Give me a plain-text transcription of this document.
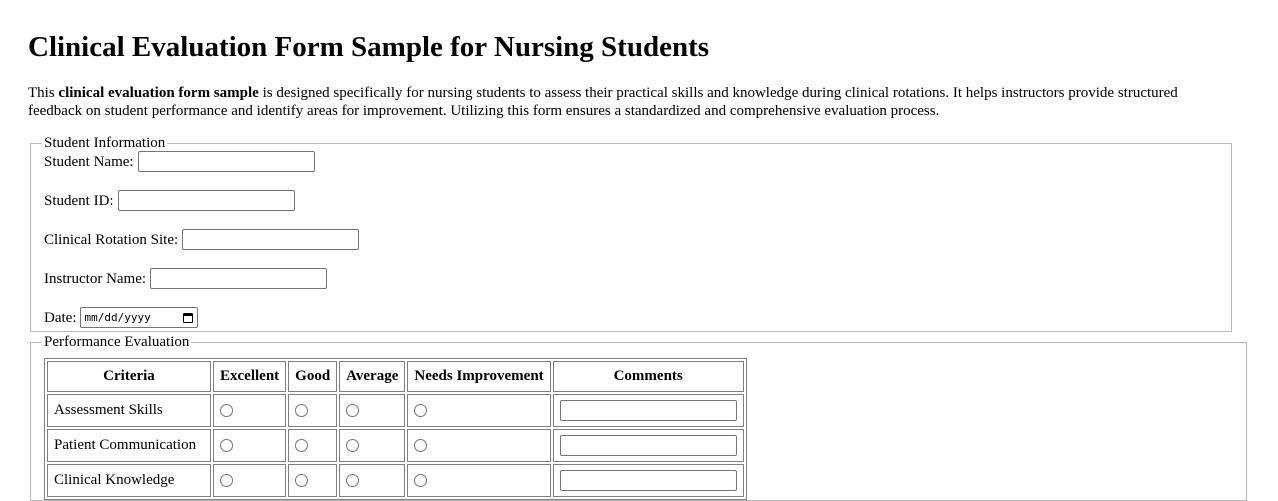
Clinical Evaluation Form Sample for Nursing Students

This clinical evaluation form sample is designed specifically for nursing students to assess their practical skills and knowledge during clinical rotations. It helps instructors provide structured feedback on student performance and identify areas for improvement. Utilizing this form ensures a standardized and comprehensive evaluation process.

Student Information
Student Name:
Student ID:
Clinical Rotation Site:
Instructor Name:
Date: mm/dd/yyyy
Performance Evaluation
Criteria	Excellent	Good	Average	Needs Improvement	Comments
Assessment Skills					
Patient Communication					
Clinical Knowledge					
